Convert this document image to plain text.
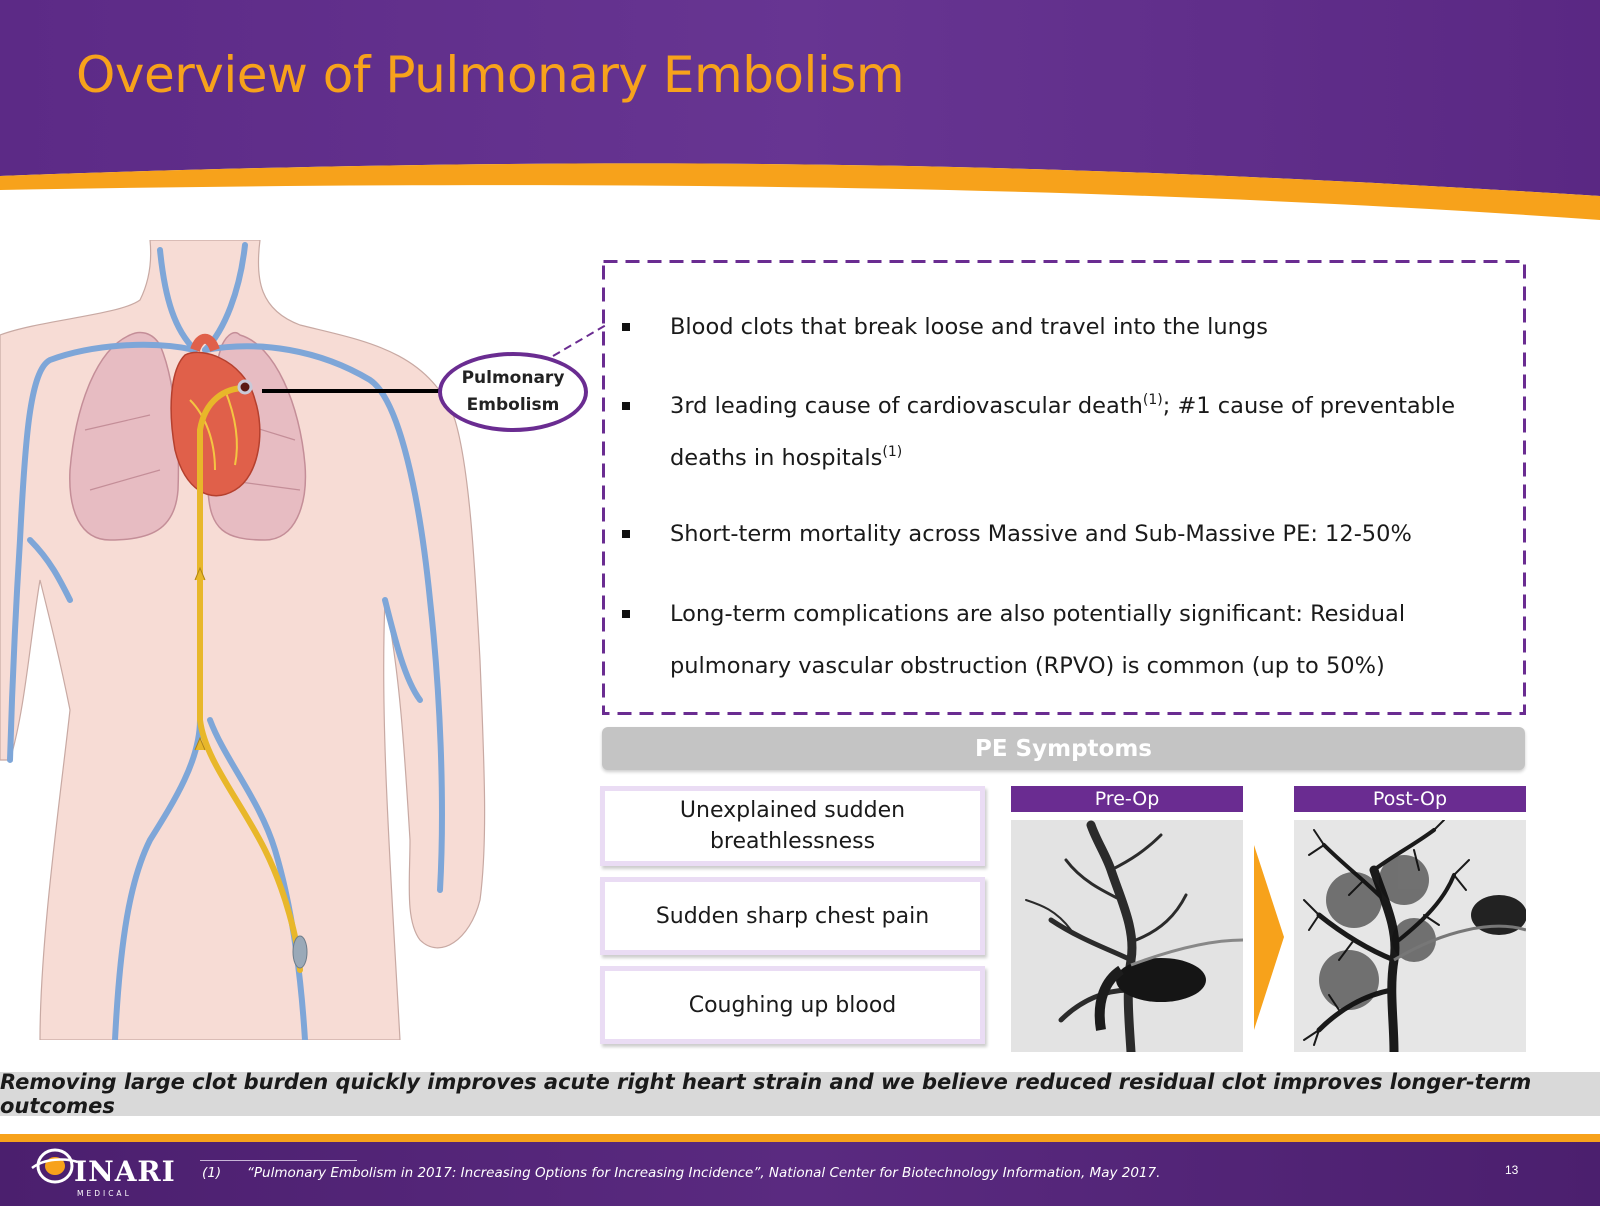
Overview of Pulmonary Embolism
Pulmonary
Embolism
Blood clots that break loose and travel into the lungs
3rd leading cause of cardiovascular death$^{(1)}$; #1 cause of preventable
deaths in hospitals$^{(1)}$
Short-term mortality across Massive and Sub-Massive PE: 12-50%
Long-term complications are also potentially significant: Residual
pulmonary vascular obstruction (RPVO) is common (up to 50%)
PE Symptoms
Unexplained sudden
breathlessness
Sudden sharp chest pain
Coughing up blood
Pre-Op	Post-Op
Removing large clot burden quickly improves acute right heart strain and we believe reduced residual clot improves longer-term outcomes
INARI
MEDICAL
(1) “Pulmonary Embolism in 2017: Increasing Options for Increasing Incidence”, National Center for Biotechnology Information, May 2017.	13
